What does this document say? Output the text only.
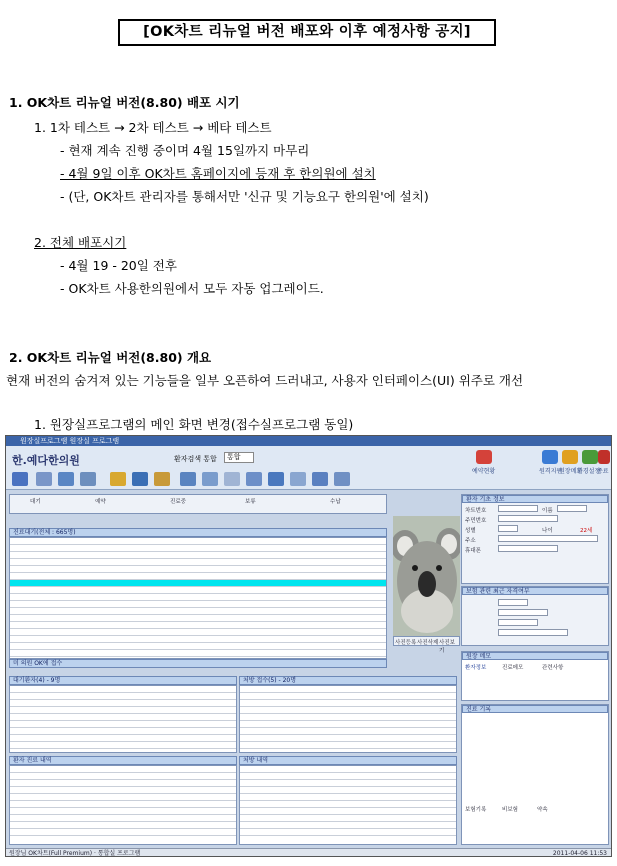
[OK차트 리뉴얼 버전 배포와 이후 예정사항 공지]
1. OK차트 리뉴얼 버전(8.80) 배포 시기
1. 1차 테스트 → 2차 테스트 → 베타 테스트
- 현재 계속 진행 중이며 4월 15일까지 마무리
- 4월 9일 이후 OK차트 홈페이지에 등재 후 한의원에 설치
- (단, OK차트 관리자를 통해서만 '신규 및 기능요구 한의원'에 설치)
2. 전체 배포시기
- 4월 19 - 20일 전후
- OK차트 사용한의원에서 모두 자동 업그레이드.
2. OK차트 리뉴얼 버전(8.80) 개요
현재 버전의 숨겨져 있는 기능들을 일부 오픈하여 드러내고, 사용자 인터페이스(UI) 위주로 개선
1. 원장실프로그램의 메인 화면 변경(접수실프로그램 동일)
원장실프로그램 원장실 프로그램
한.예다한의원	환자검색 통합	통합
예약현황	원격지원
원장메모
환경설정
종료
대기	예약	진료중	보류	수납
진료대기(전체 : 665명)
미 의원 OK에 접수
사진등록 사진삭제 사진보기
환자 기초 정보
차트번호	이름
주민번호
성별	나이	22세
주소
휴대폰
보험 관련 최근 자격여부
원장 메모
환자정보	진료메모	관련사항
대기환자(4) - 9명	처방 접수(5) - 20명
환자 진료 내역	처방 내역
진료 기록
보험기록	비보험	약속
원장님 OK차트(Full Premium) · 통합실 프로그램	2011-04-06 11:53
